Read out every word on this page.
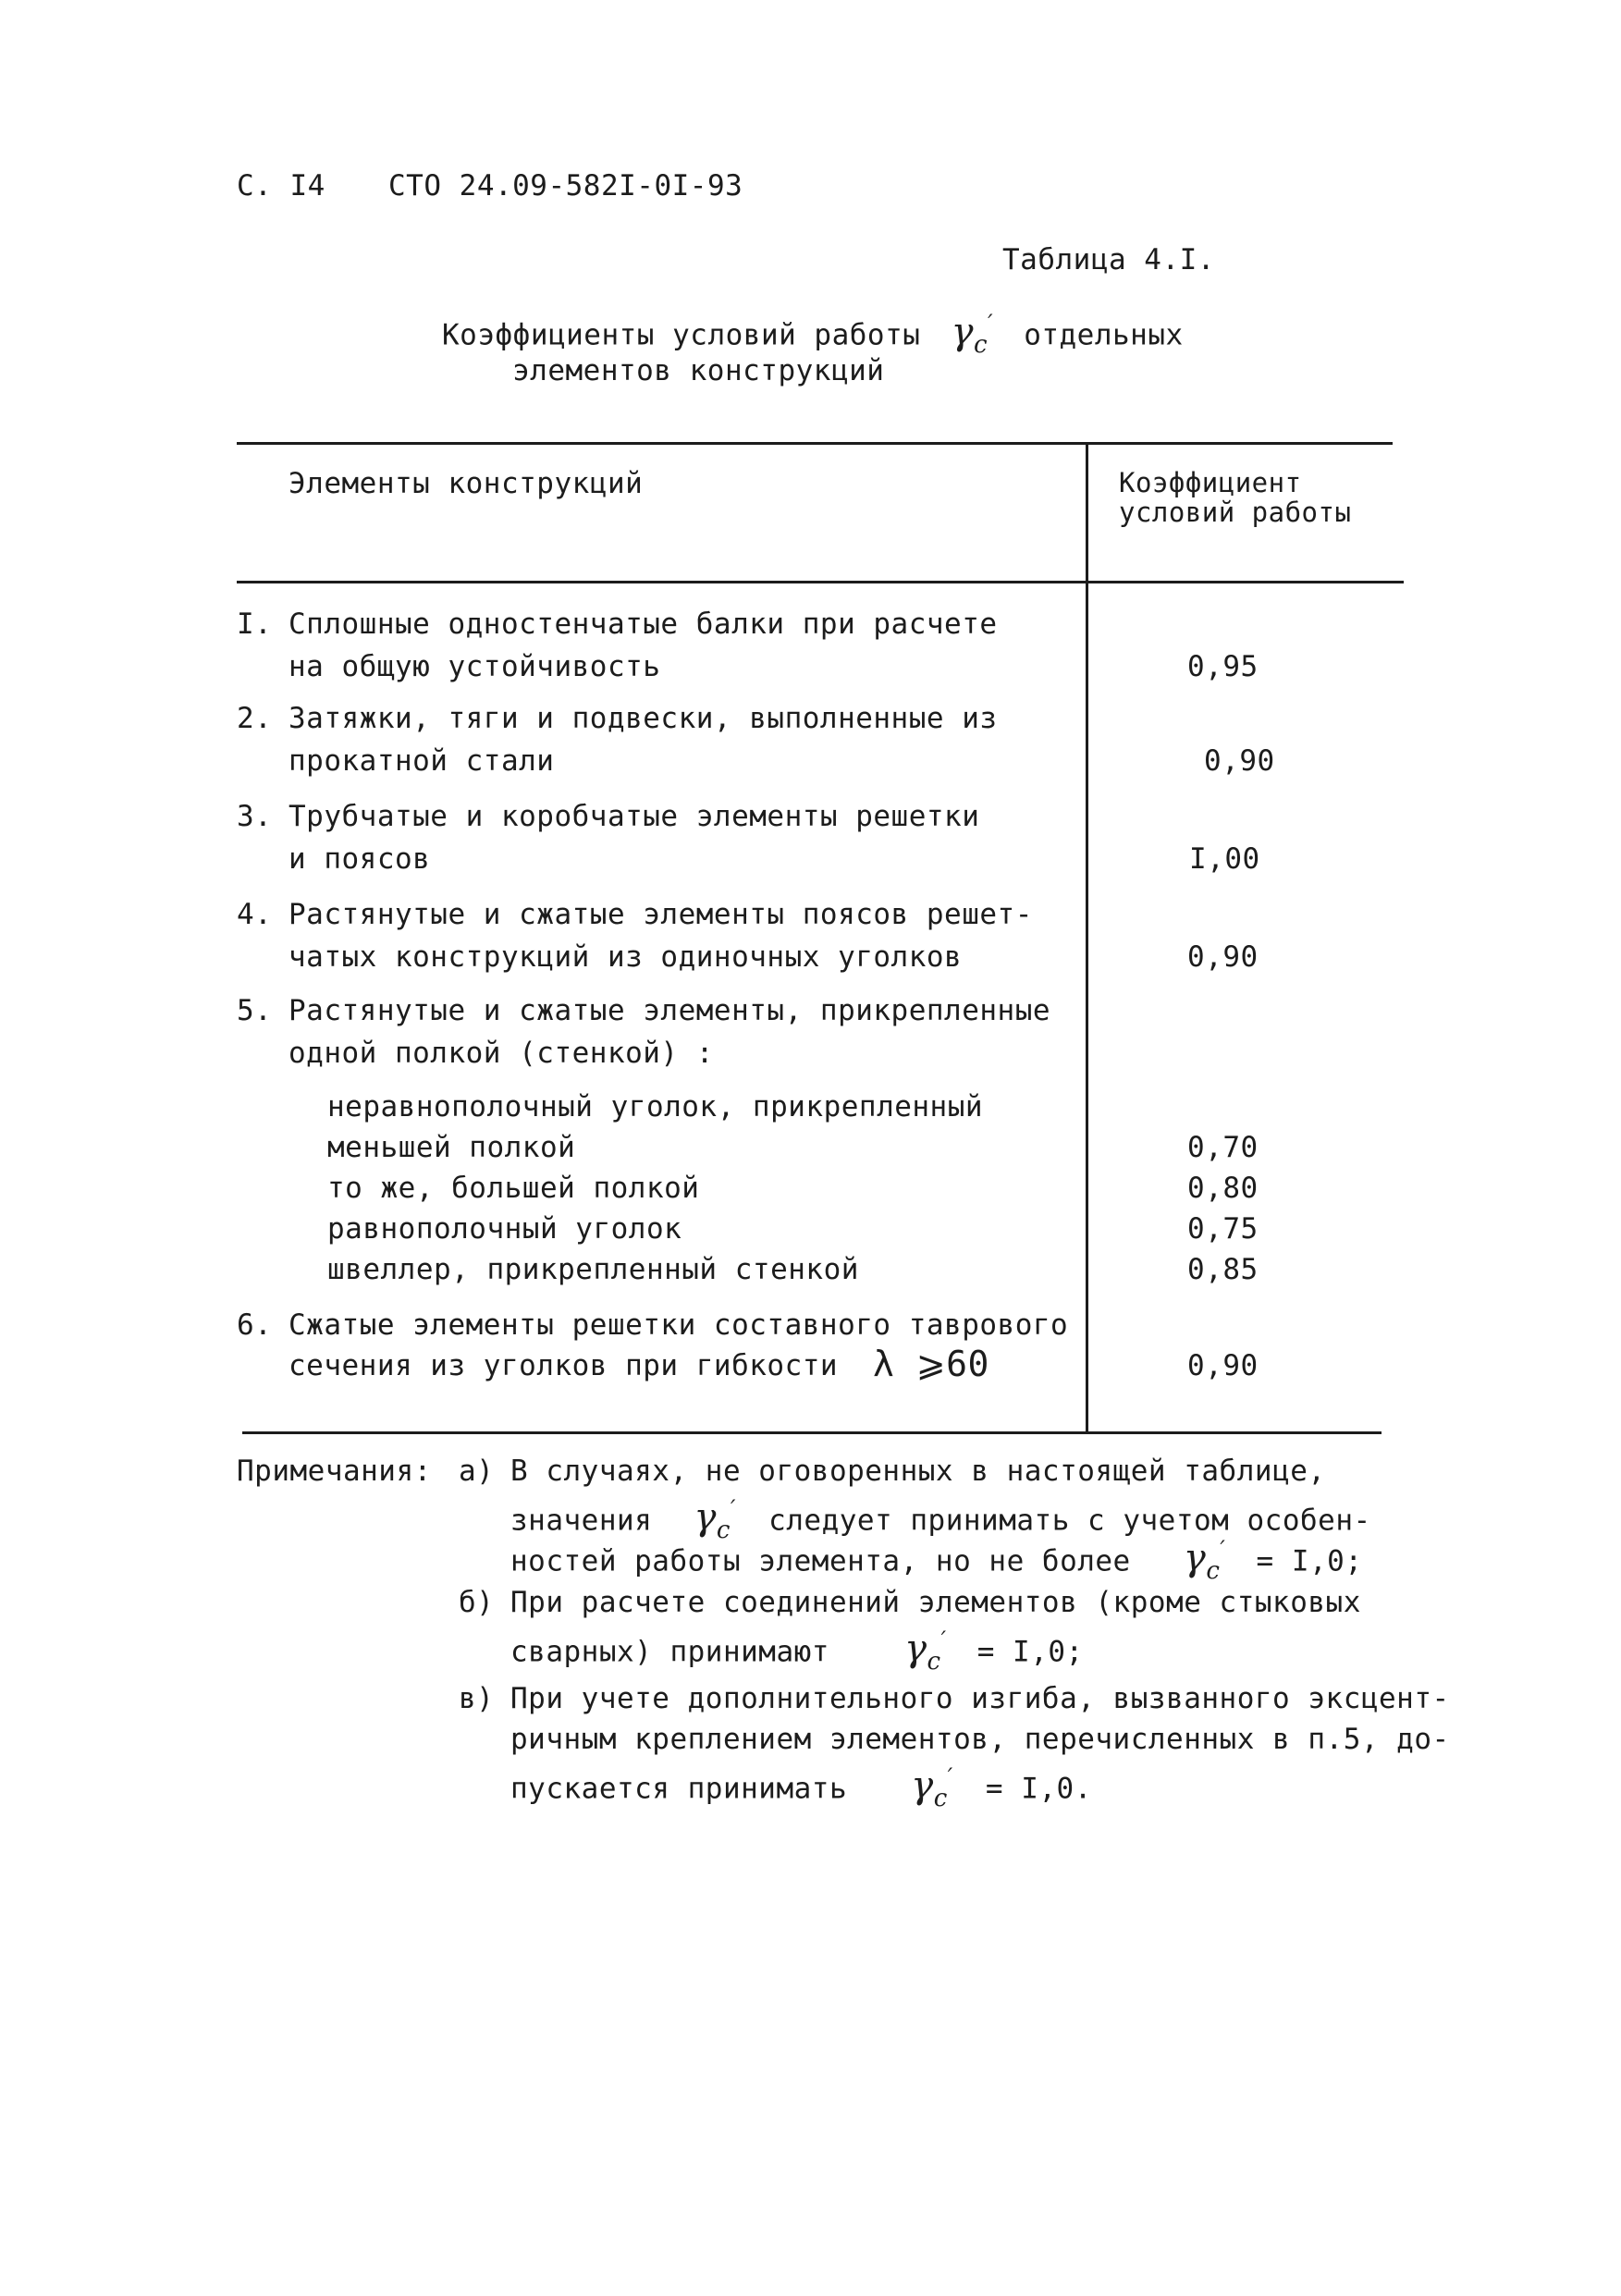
С. I4 СТО 24.09-582I-0I-93
Таблица 4.I.
Коэффициенты условий работы $\gamma_c'$ отдельных
элементов конструкций
Элементы конструкций	Коэффициент
условий работы
I. Сплошные одностенчатые балки при расчете
на общую устойчивость	0,95
2. Затяжки, тяги и подвески, выполненные из
прокатной стали	0,90
3. Трубчатые и коробчатые элементы решетки
и поясов	I,00
4. Растянутые и сжатые элементы поясов решет-
чатых конструкций из одиночных уголков	0,90
5. Растянутые и сжатые элементы, прикрепленные
одной полкой (стенкой) :
неравнополочный уголок, прикрепленный
меньшей полкой	0,70
то же, большей полкой	0,80
равнополочный уголок	0,75
швеллер, прикрепленный стенкой	0,85
6. Сжатые элементы решетки составного таврового
сечения из уголков при гибкости λ ⩾60	0,90
Примечания: а) В случаях, не оговоренных в настоящей таблице,
значения $\gamma_c'$ следует принимать с учетом особен-
ностей работы элемента, но не более $\gamma_c' = I,0$;
б) При расчете соединений элементов (кроме стыковых
сварных) принимают $\gamma_c' = I,0$;
в) При учете дополнительного изгиба, вызванного эксцент-
ричным креплением элементов, перечисленных в п.5, до-
пускается принимать $\gamma_c' = I,0$.
